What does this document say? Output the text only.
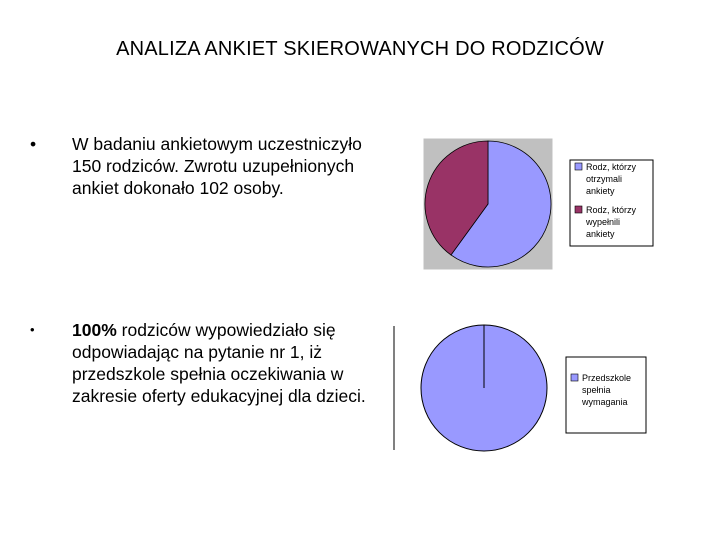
ANALIZA ANKIET SKIEROWANYCH DO RODZICÓW
• W badaniu ankietowym uczestniczyło 150 rodziców. Zwrotu uzupełnionych ankiet dokonało 102 osoby.
• 100% rodziców wypowiedziało się odpowiadając na pytanie nr 1, iż przedszkole spełnia oczekiwania w zakresie oferty edukacyjnej dla dzieci.
Rodz, którzy
otrzymali
ankiety
Rodz, którzy
wypełnili
ankiety
Przedszkole
spełnia
wymagania
